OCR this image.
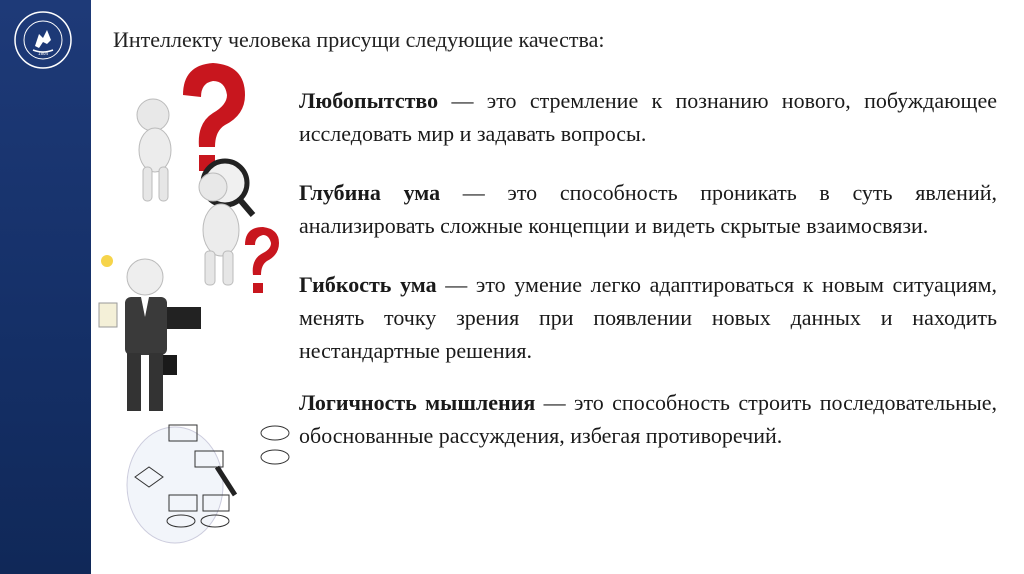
1804
Интеллекту человека присущи следующие качества:

Любопытство — это стремление к познанию нового, побуждающее исследовать мир и задавать вопросы.

Глубина ума — это способность проникать в суть явлений, анализировать сложные концепции и видеть скрытые взаимосвязи.

Гибкость ума — это умение легко адаптироваться к новым ситуациям, менять точку зрения при появлении новых данных и находить нестандартные решения.

Логичность мышления — это способность строить последовательные, обоснованные рассуждения, избегая противоречий.
